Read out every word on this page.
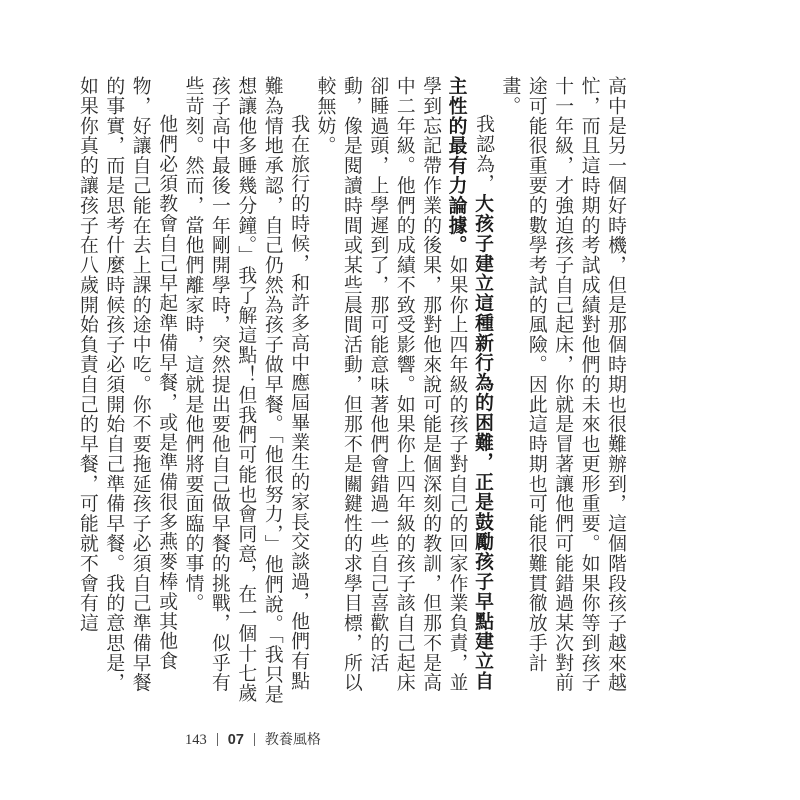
高中是另一個好時機，但是那個時期也很難辦到，這個階段孩子越來越忙，而且這時期的考試成績對他們的未來也更形重要。如果你等到孩子十一年級，才強迫孩子自己起床，你就是冒著讓他們可能錯過某次對前途可能很重要的數學考試的風險。因此這時期也可能很難貫徹放手計畫。

我認為，大孩子建立這種新行為的困難，正是鼓勵孩子早點建立自主性的最有力論據。如果你上四年級的孩子對自己的回家作業負責，並學到忘記帶作業的後果，那對他來說可能是個深刻的教訓，但那不是高中二年級。他們的成績不致受影響。如果你上四年級的孩子該自己起床卻睡過頭，上學遲到了，那可能意味著他們會錯過一些自己喜歡的活動，像是閱讀時間或某些晨間活動，但那不是關鍵性的求學目標，所以較無妨。

我在旅行的時候，和許多高中應屆畢業生的家長交談過，他們有點難為情地承認，自己仍然為孩子做早餐。「他很努力，」他們說。「我只是想讓他多睡幾分鐘。」我了解這點！但我們可能也會同意，在一個十七歲孩子高中最後一年剛開學時，突然提出要他自己做早餐的挑戰，似乎有些苛刻。然而，當他們離家時，這就是他們將要面臨的事情。

他們必須教會自己早起準備早餐，或是準備很多燕麥棒或其他食物，好讓自己能在去上課的途中吃。你不要拖延孩子必須自己準備早餐的事實，而是思考什麼時候孩子必須開始自己準備早餐。我的意思是，如果你真的讓孩子在八歲開始負責自己的早餐，可能就不會有這

143 07 教養風格
